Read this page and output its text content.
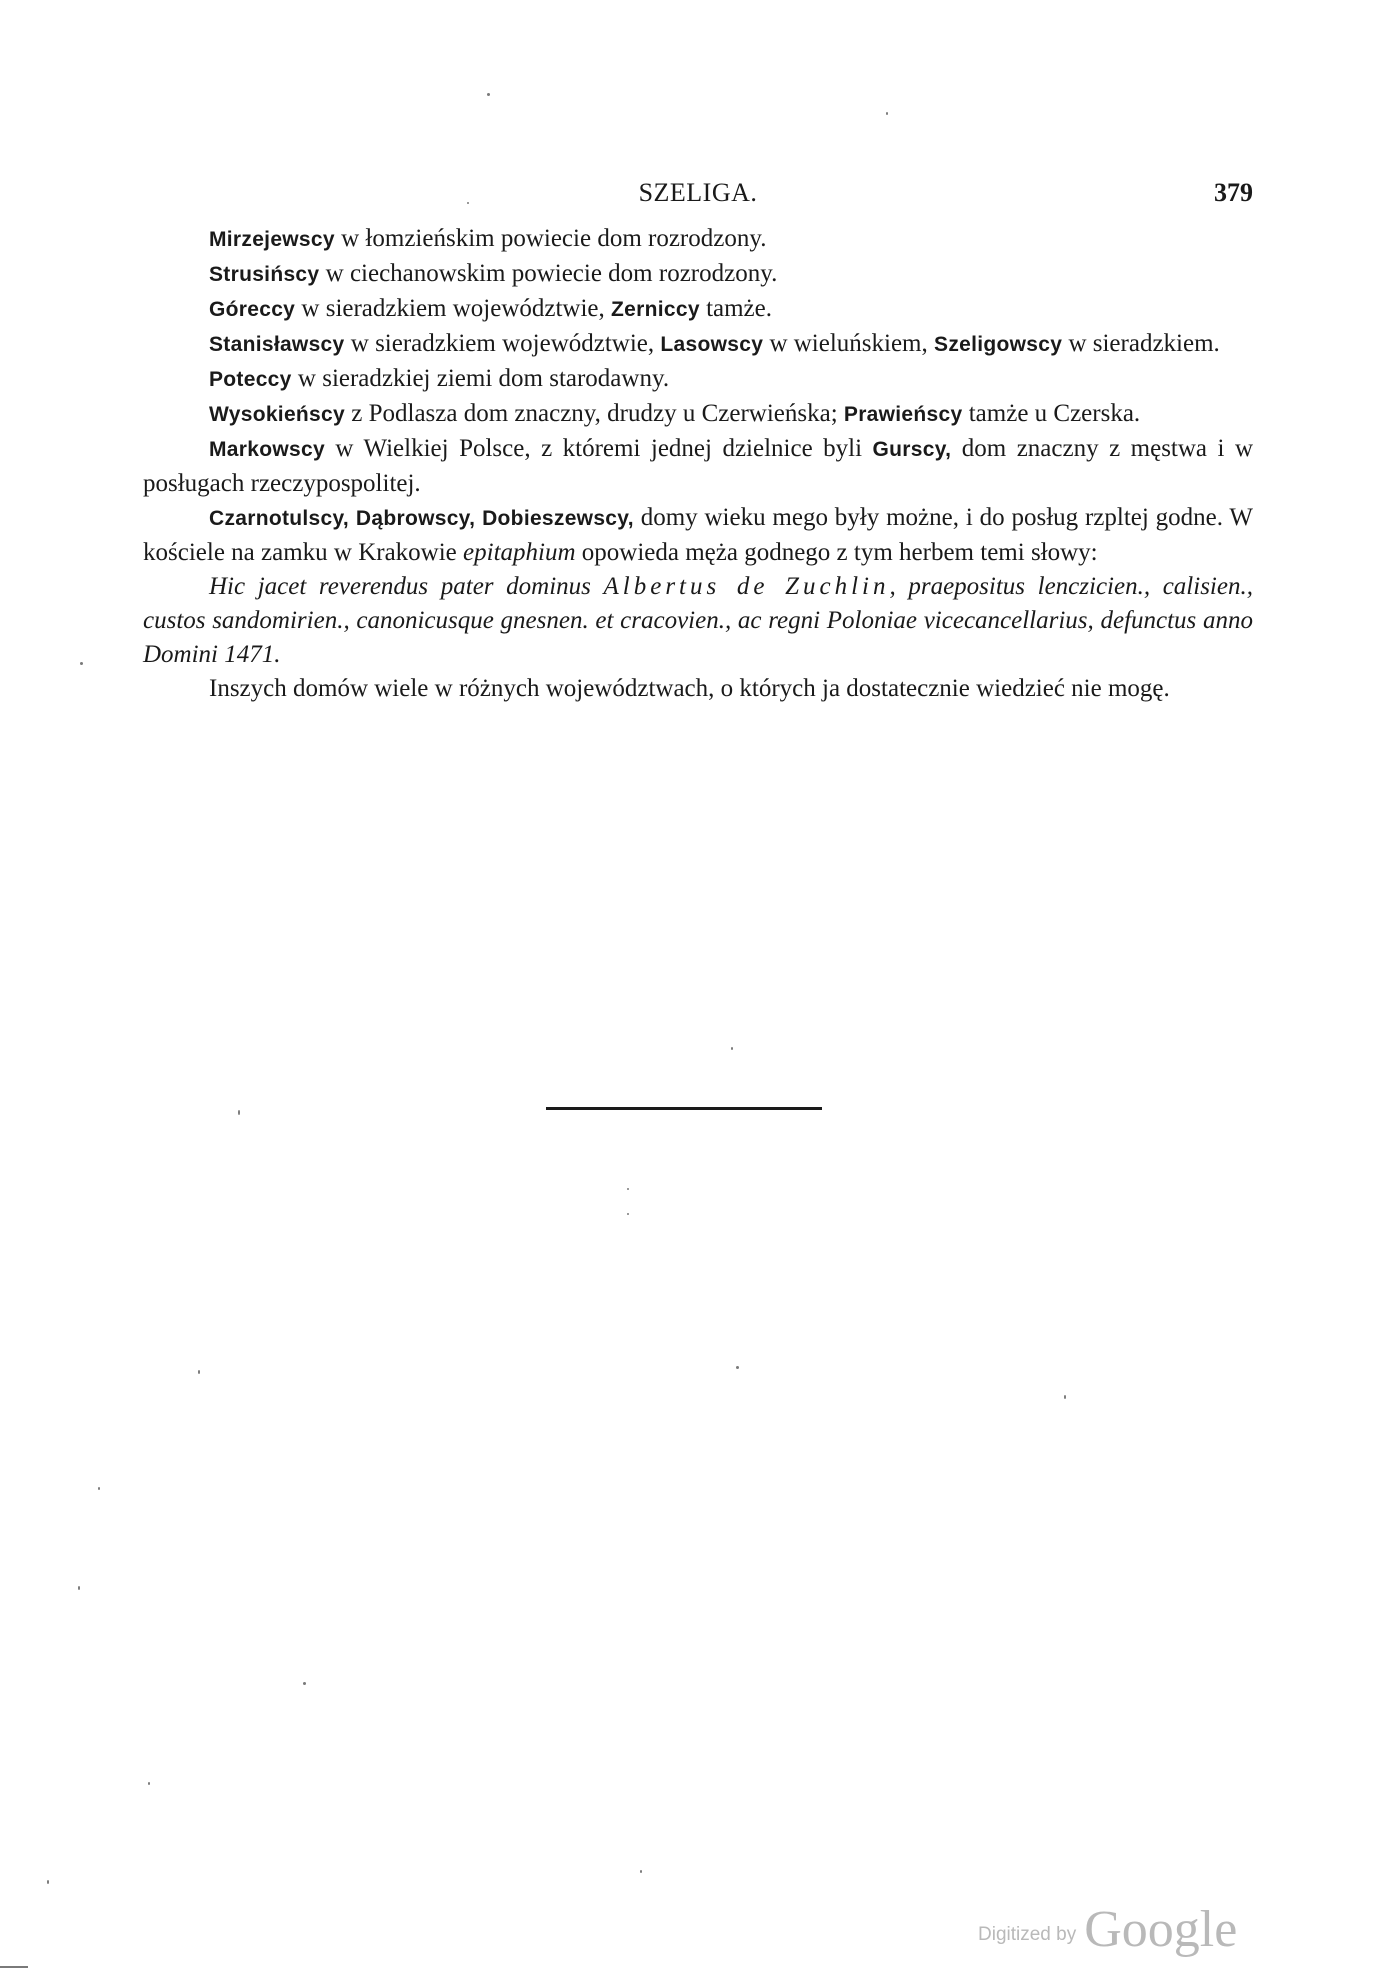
SZELIGA.	379

Mirzejewscy w łomzieńskim powiecie dom rozrodzony.

Strusińscy w ciechanowskim powiecie dom rozrodzony.

Góreccy w sieradzkiem województwie, Zerniccy tamże.

Stanisławscy w sieradzkiem województwie, Lasowscy w wieluńskiem, Szeligowscy w sieradzkiem.

Poteccy w sieradzkiej ziemi dom starodawny.

Wysokieńscy z Podlasza dom znaczny, drudzy u Czerwieńska; Prawieńscy tamże u Czerska.

Markowscy w Wielkiej Polsce, z któremi jednej dzielnice byli Gurscy, dom znaczny z męstwa i w posługach rzeczypospolitej.

Czarnotulscy, Dąbrowscy, Dobieszewscy, domy wieku mego były możne, i do posług rzpltej godne. W kościele na zamku w Krakowie epitaphium opowieda męża godnego z tym herbem temi słowy:

Hic jacet reverendus pater dominus Albertus de Zuchlin, praepositus lenczicien., calisien., custos sandomirien., canonicusque gnesnen. et cracovien., ac regni Poloniae vicecancellarius, defunctus anno Domini 1471.

Inszych domów wiele w różnych województwach, o których ja dostatecznie wiedzieć nie mogę.

Digitized by Google
